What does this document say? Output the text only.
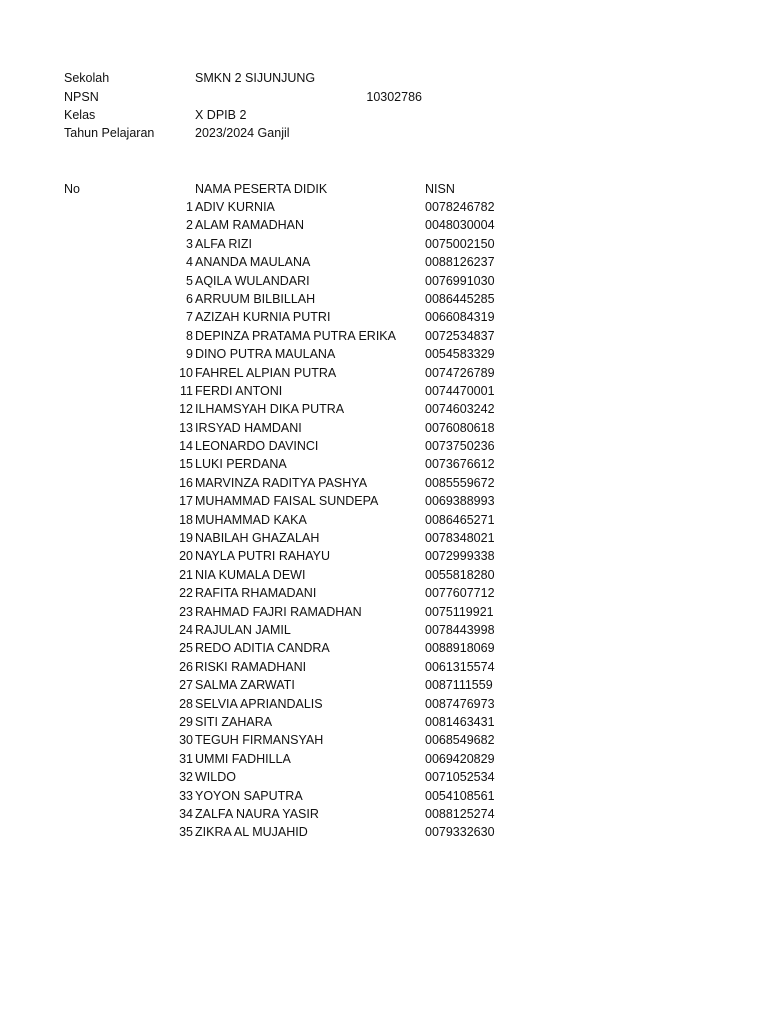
Sekolah	SMKN 2 SIJUNJUNG
NPSN	10302786
Kelas	X DPIB 2
Tahun Pelajaran	2023/2024 Ganjil
No	NAMA PESERTA DIDIK	NISN
1 ADIV KURNIA	0078246782
2 ALAM RAMADHAN	0048030004
3 ALFA RIZI	0075002150
4 ANANDA MAULANA	0088126237
5 AQILA WULANDARI	0076991030
6 ARRUUM BILBILLAH	0086445285
7 AZIZAH KURNIA PUTRI	0066084319
8 DEPINZA PRATAMA PUTRA ERIKA 0072534837
9 DINO PUTRA MAULANA	0054583329
10 FAHREL ALPIAN PUTRA	0074726789
11 FERDI ANTONI	0074470001
12 ILHAMSYAH DIKA PUTRA	0074603242
13 IRSYAD HAMDANI	0076080618
14 LEONARDO DAVINCI	0073750236
15 LUKI PERDANA	0073676612
16 MARVINZA RADITYA PASHYA	0085559672
17 MUHAMMAD FAISAL SUNDEPA	0069388993
18 MUHAMMAD KAKA	0086465271
19 NABILAH GHAZALAH	0078348021
20 NAYLA PUTRI RAHAYU	0072999338
21 NIA KUMALA DEWI	0055818280
22 RAFITA RHAMADANI	0077607712
23 RAHMAD FAJRI RAMADHAN	0075119921
24 RAJULAN JAMIL	0078443998
25 REDO ADITIA CANDRA	0088918069
26 RISKI RAMADHANI	0061315574
27 SALMA ZARWATI	0087111559
28 SELVIA APRIANDALIS	0087476973
29 SITI ZAHARA	0081463431
30 TEGUH FIRMANSYAH	0068549682
31 UMMI FADHILLA	0069420829
32 WILDO	0071052534
33 YOYON SAPUTRA	0054108561
34 ZALFA NAURA YASIR	0088125274
35 ZIKRA AL MUJAHID	0079332630
